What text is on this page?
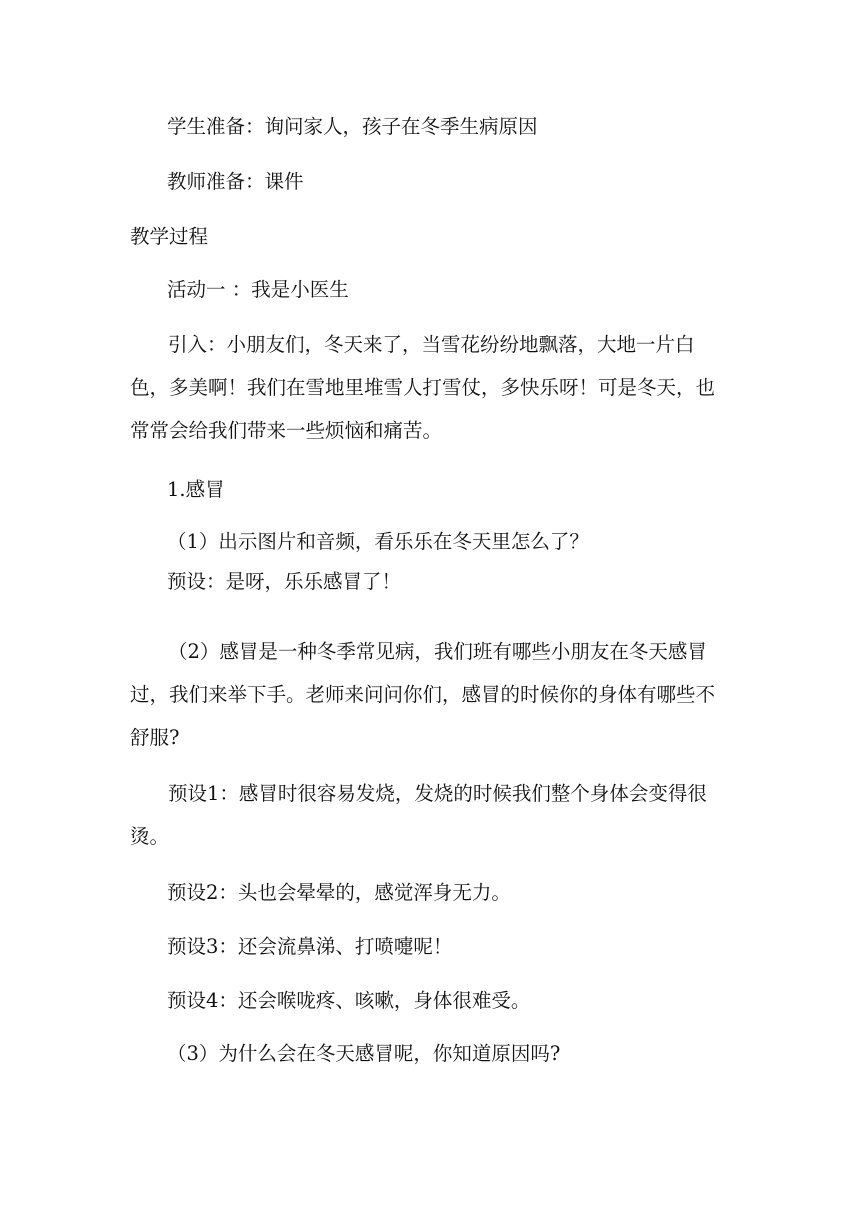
学生准备：询问家人，孩子在冬季生病原因
教师准备：课件
教学过程
活动一 ：我是小医生
引入：小朋友们，冬天来了，当雪花纷纷地飘落，大地一片白色，多美啊！我们在雪地里堆雪人打雪仗，多快乐呀！可是冬天，也常常会给我们带来一些烦恼和痛苦。
1.感冒
（1）出示图片和音频，看乐乐在冬天里怎么了？
预设：是呀，乐乐感冒了！
（2）感冒是一种冬季常见病，我们班有哪些小朋友在冬天感冒过，我们来举下手。老师来问问你们，感冒的时候你的身体有哪些不舒服?
预设1：感冒时很容易发烧，发烧的时候我们整个身体会变得很烫。
预设2：头也会晕晕的，感觉浑身无力。
预设3：还会流鼻涕、打喷嚏呢！
预设4：还会喉咙疼、咳嗽，身体很难受。
（3）为什么会在冬天感冒呢，你知道原因吗?
